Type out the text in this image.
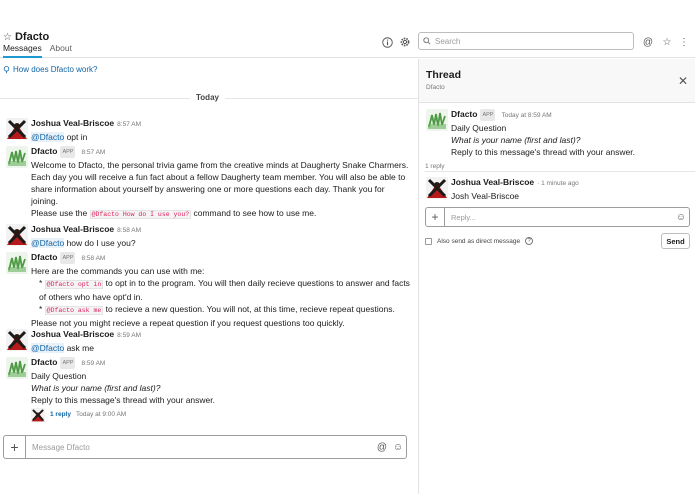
☆ Dfacto
Messages About
Search	@ ☆ ⋮
How does Dfacto work?
Today
Joshua Veal-Briscoe 8:57 AM
@Dfacto opt in
Dfacto APP 8:57 AM
Welcome to Dfacto, the personal trivia game from the creative minds at Daugherty Snake Charmers. Each day you will receive a fun fact about a fellow Daugherty team member. You will also be able to share information about yourself by answering one or more questions each day. Thank you for joining.
Please use the @Dfacto How do I use you? command to see how to use me.
Joshua Veal-Briscoe 8:58 AM
@Dfacto how do I use you?
Dfacto APP 8:58 AM
Here are the commands you can use with me:
* @Dfacto opt in to opt in to the program. You will then daily recieve questions to answer and facts of others who have opt'd in.
* @Dfacto ask me to recieve a new question. You will not, at this time, recieve repeat questions.
Please not you might recieve a repeat question if you request questions too quickly.
Joshua Veal-Briscoe 8:59 AM
@Dfacto ask me
Dfacto APP 8:59 AM
Daily Question
What is your name (first and last)?
Reply to this message's thread with your answer.
1 reply Today at 9:00 AM
+	Message Dfacto	@ ☺
Thread
Dfacto	✕
Dfacto APP Today at 8:59 AM
Daily Question
What is your name (first and last)?
Reply to this message's thread with your answer.
1 reply
Joshua Veal-Briscoe · 1 minute ago
Josh Veal-Briscoe
+	Reply...	☺
Also send as direct message	?	Send
